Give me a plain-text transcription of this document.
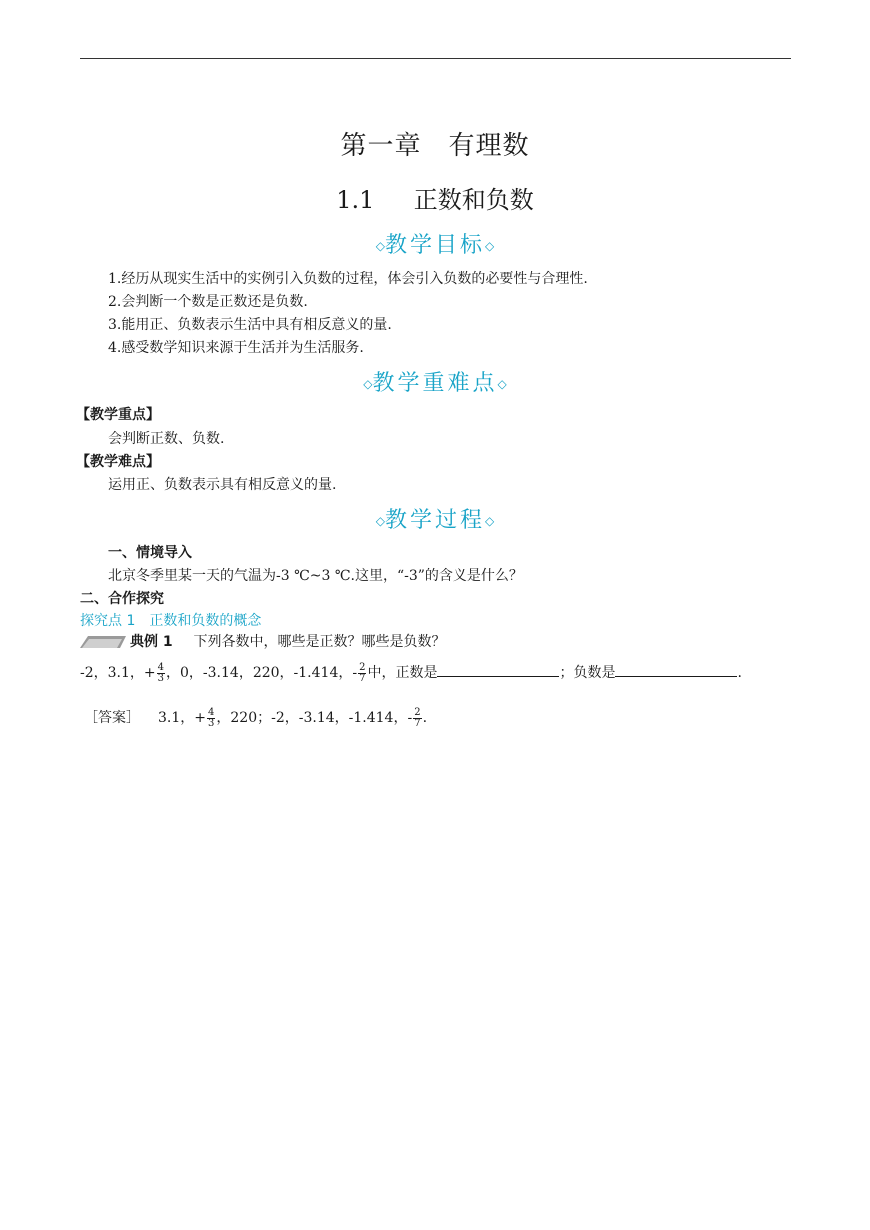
第一章　有理数
1.1 正数和负数
◇教学目标◇
1.经历从现实生活中的实例引入负数的过程，体会引入负数的必要性与合理性.
2.会判断一个数是正数还是负数.
3.能用正、负数表示生活中具有相反意义的量.
4.感受数学知识来源于生活并为生活服务.
◇教学重难点◇
【教学重点】
会判断正数、负数.
【教学难点】
运用正、负数表示具有相反意义的量.
◇教学过程◇
一、情境导入
北京冬季里某一天的气温为-3 ℃~3 ℃.这里，“-3”的含义是什么？
二、合作探究
探究点 1　正数和负数的概念
典例 1 下列各数中，哪些是正数？哪些是负数？
-2，3.1，+ $\frac{4}{3}$ ，0，-3.14，220，-1.414，- $\frac{2}{7}$ 中，正数是	；负数是	.
［答案］ 3.1，+ $\frac{4}{3}$ ，220；-2，-3.14，-1.414，- $\frac{2}{7}$ .
